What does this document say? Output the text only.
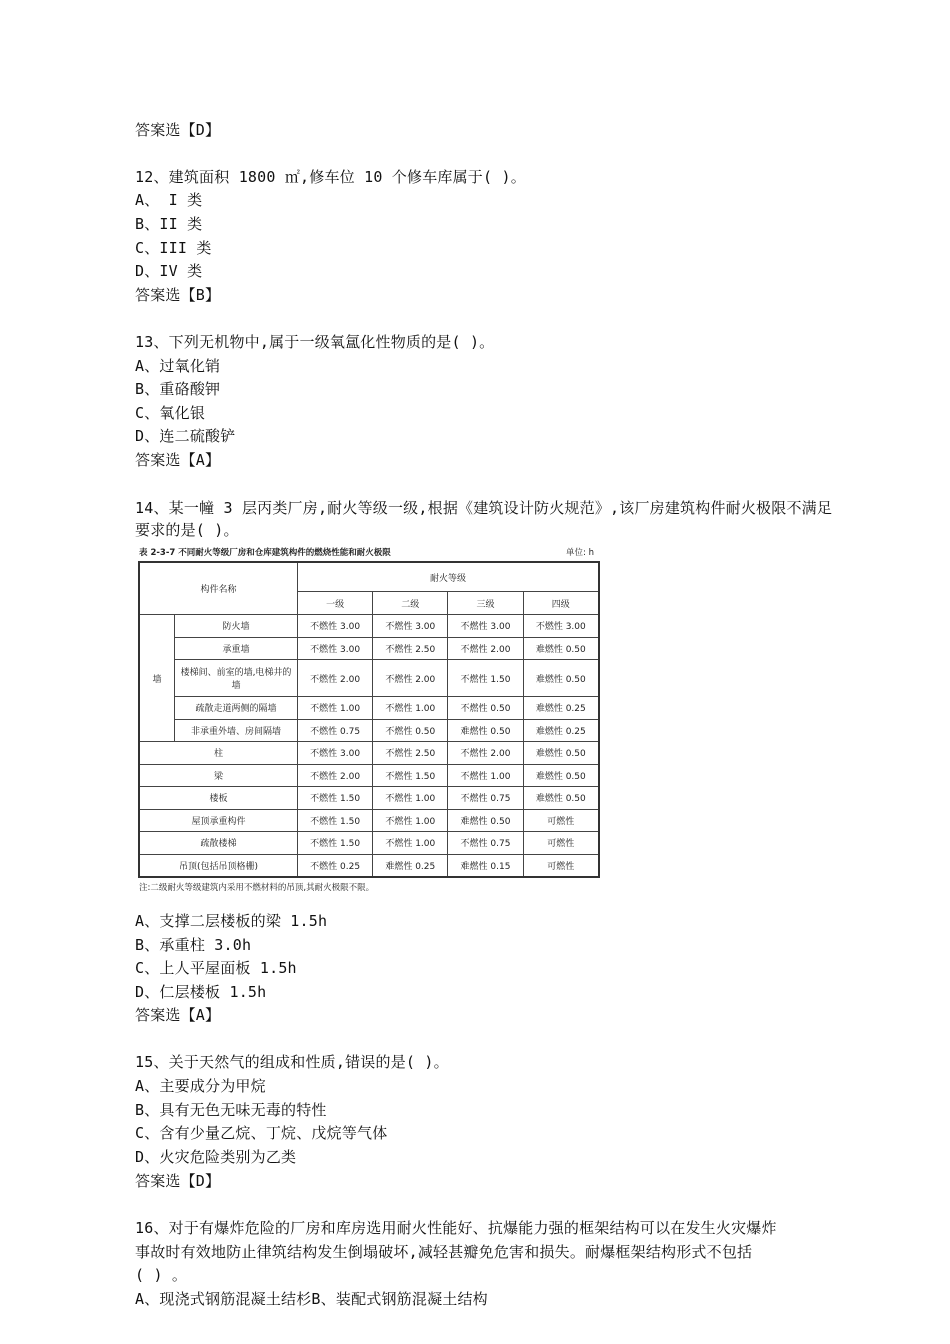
答案选【D】
12、建筑面积 1800 ㎡,修车位 10 个修车库属于( )。
A、 I 类
B、II 类
C、III 类
D、IV 类
答案选【B】
13、下列无机物中,属于一级氧氲化性物质的是( )。
A、过氧化销
B、重硌酸钾
C、氧化银
D、连二硫酸铲
答案选【A】
14、某一幢 3 层丙类厂房,耐火等级一级,根据《建筑设计防火规范》,该厂房建筑构件耐火极限不满足要求的是( )。
表 2-3-7 不同耐火等级厂房和仓库建筑构件的燃烧性能和耐火极限	单位: h
构件名称		耐火等级			
		一级	二级	三级	四级
墙	防火墙	不燃性 3.00	不燃性 3.00	不燃性 3.00	不燃性 3.00
	承重墙	不燃性 3.00	不燃性 2.50	不燃性 2.00	难燃性 0.50
	楼梯间、前室的墙,电梯井的墙	不燃性 2.00	不燃性 2.00	不燃性 1.50	难燃性 0.50
	疏散走道两侧的隔墙	不燃性 1.00	不燃性 1.00	不燃性 0.50	难燃性 0.25
	非承重外墙、房间隔墙	不燃性 0.75	不燃性 0.50	难燃性 0.50	难燃性 0.25
柱		不燃性 3.00	不燃性 2.50	不燃性 2.00	难燃性 0.50
梁		不燃性 2.00	不燃性 1.50	不燃性 1.00	难燃性 0.50
楼板		不燃性 1.50	不燃性 1.00	不燃性 0.75	难燃性 0.50
屋顶承重构件		不燃性 1.50	不燃性 1.00	难燃性 0.50	可燃性
疏散楼梯		不燃性 1.50	不燃性 1.00	不燃性 0.75	可燃性
吊顶(包括吊顶格栅)		不燃性 0.25	难燃性 0.25	难燃性 0.15	可燃性
注:二级耐火等级建筑内采用不燃材料的吊顶,其耐火极限不限。
A、支撑二层楼板的梁 1.5h
B、承重柱 3.0h
C、上人平屋面板 1.5h
D、仁层楼板 1.5h
答案选【A】
15、关于天然气的组成和性质,错误的是( )。
A、主要成分为甲烷
B、具有无色无味无毒的特性
C、含有少量乙烷、丁烷、戊烷等气体
D、火灾危险类别为乙类
答案选【D】
16、对于有爆炸危险的厂房和库房选用耐火性能好、抗爆能力强的框架结构可以在发生火灾爆炸
事故时有效地防止律筑结构发生倒塌破坏,减轻甚瓣免危害和损失。耐爆框架结构形式不包括
( ) 。
A、现浇式钢筋混凝土结杉B、装配式钢筋混凝土结构
